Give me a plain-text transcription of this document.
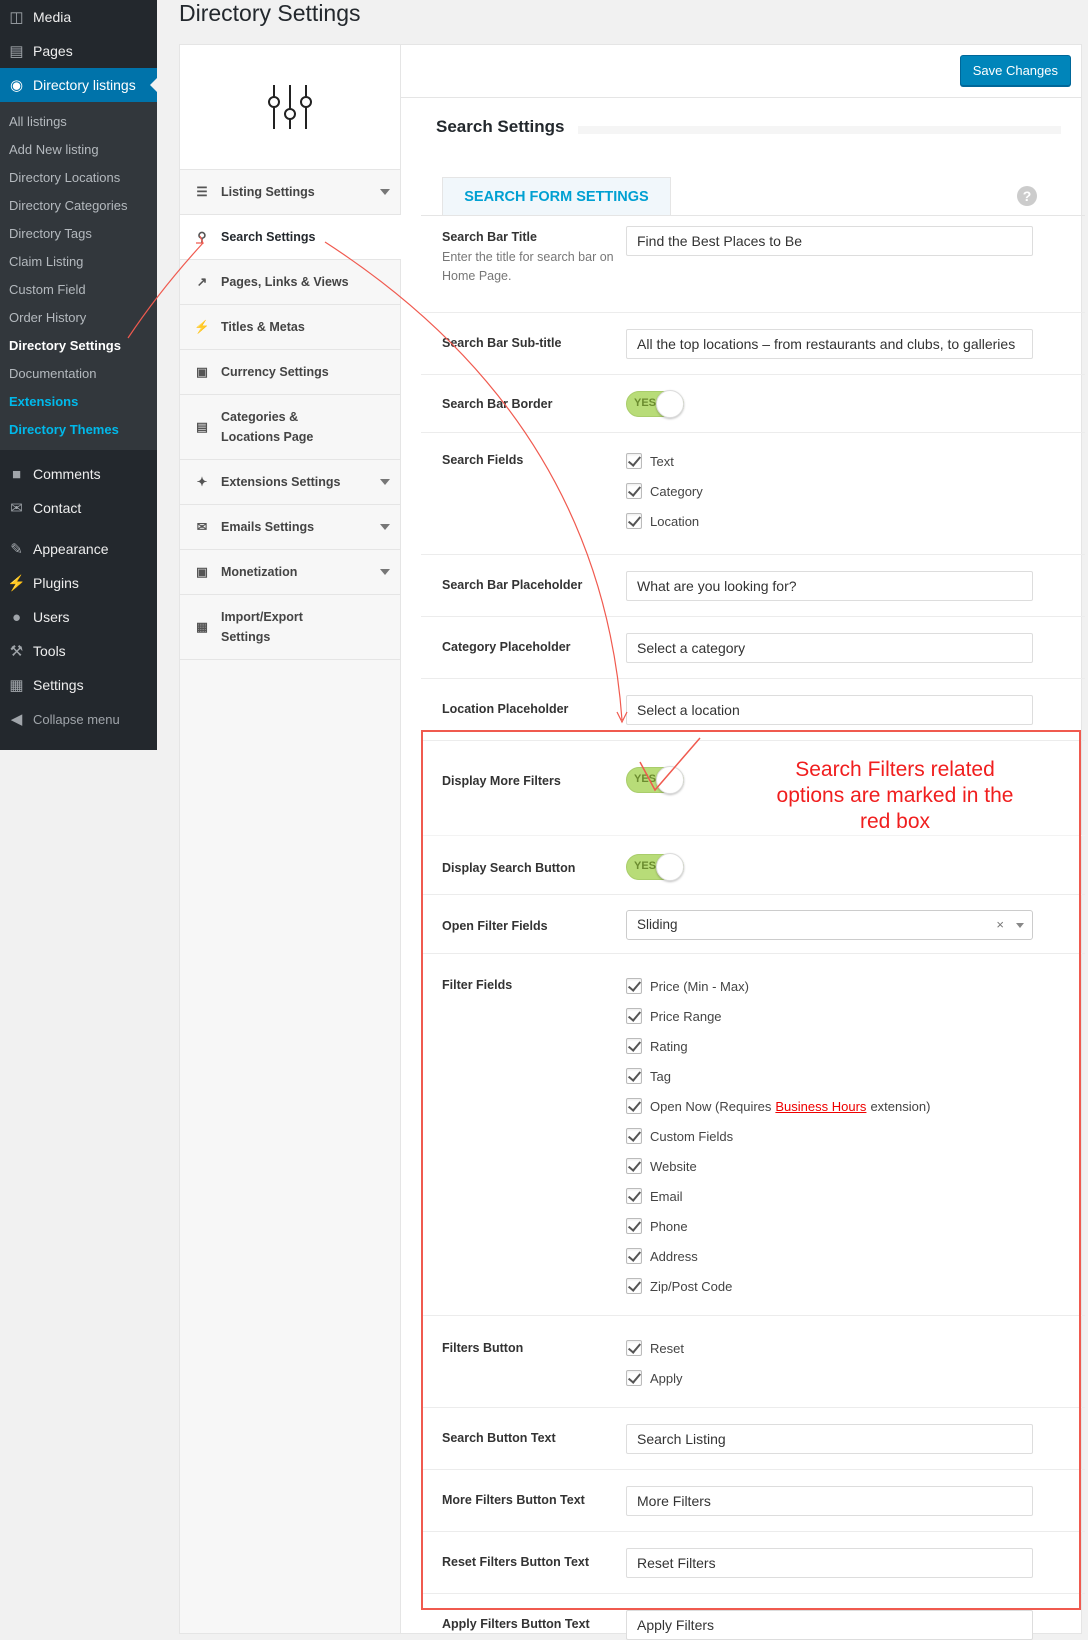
◫ Media
▤ Pages
◉ Directory listings
All listings
Add New listing
Directory Locations
Directory Categories
Directory Tags
Claim Listing
Custom Field
Order History
Directory Settings
Documentation
Extensions
Directory Themes
■ Comments
✉ Contact
✎ Appearance
⚡ Plugins
● Users
⚒ Tools
▦ Settings
◀ Collapse menu
Directory Settings
☰ Listing Settings
⚲ Search Settings
↗ Pages, Links & Views
⚡ Titles & Metas
▣ Currency Settings
▤
Categories & Locations Page
✦ Extensions Settings
✉ Emails Settings
▣ Monetization
▦
Import/Export Settings
Save Changes
Search Settings
SEARCH FORM SETTINGS	?
Search Bar Title
Enter the title for search bar on Home Page.
Find the Best Places to Be
Search Bar Sub-title	All the top locations – from restaurants and clubs, to galleries
Search Bar Border	YES
Search Fields	Text
Category
Location
Search Bar Placeholder	What are you looking for?
Category Placeholder	Select a category
Location Placeholder	Select a location
Display More Filters	YES
Display Search Button	YES
Open Filter Fields	Sliding	×
Filter Fields	Price (Min - Max)
Price Range
Rating
Tag
Open Now (Requires Business Hours extension)
Custom Fields
Website
Email
Phone
Address
Zip/Post Code
Filters Button	Reset
Apply
Search Button Text	Search Listing
More Filters Button Text	More Filters
Reset Filters Button Text	Reset Filters
Apply Filters Button Text	Apply Filters
Search Filters related options are marked in the red box
